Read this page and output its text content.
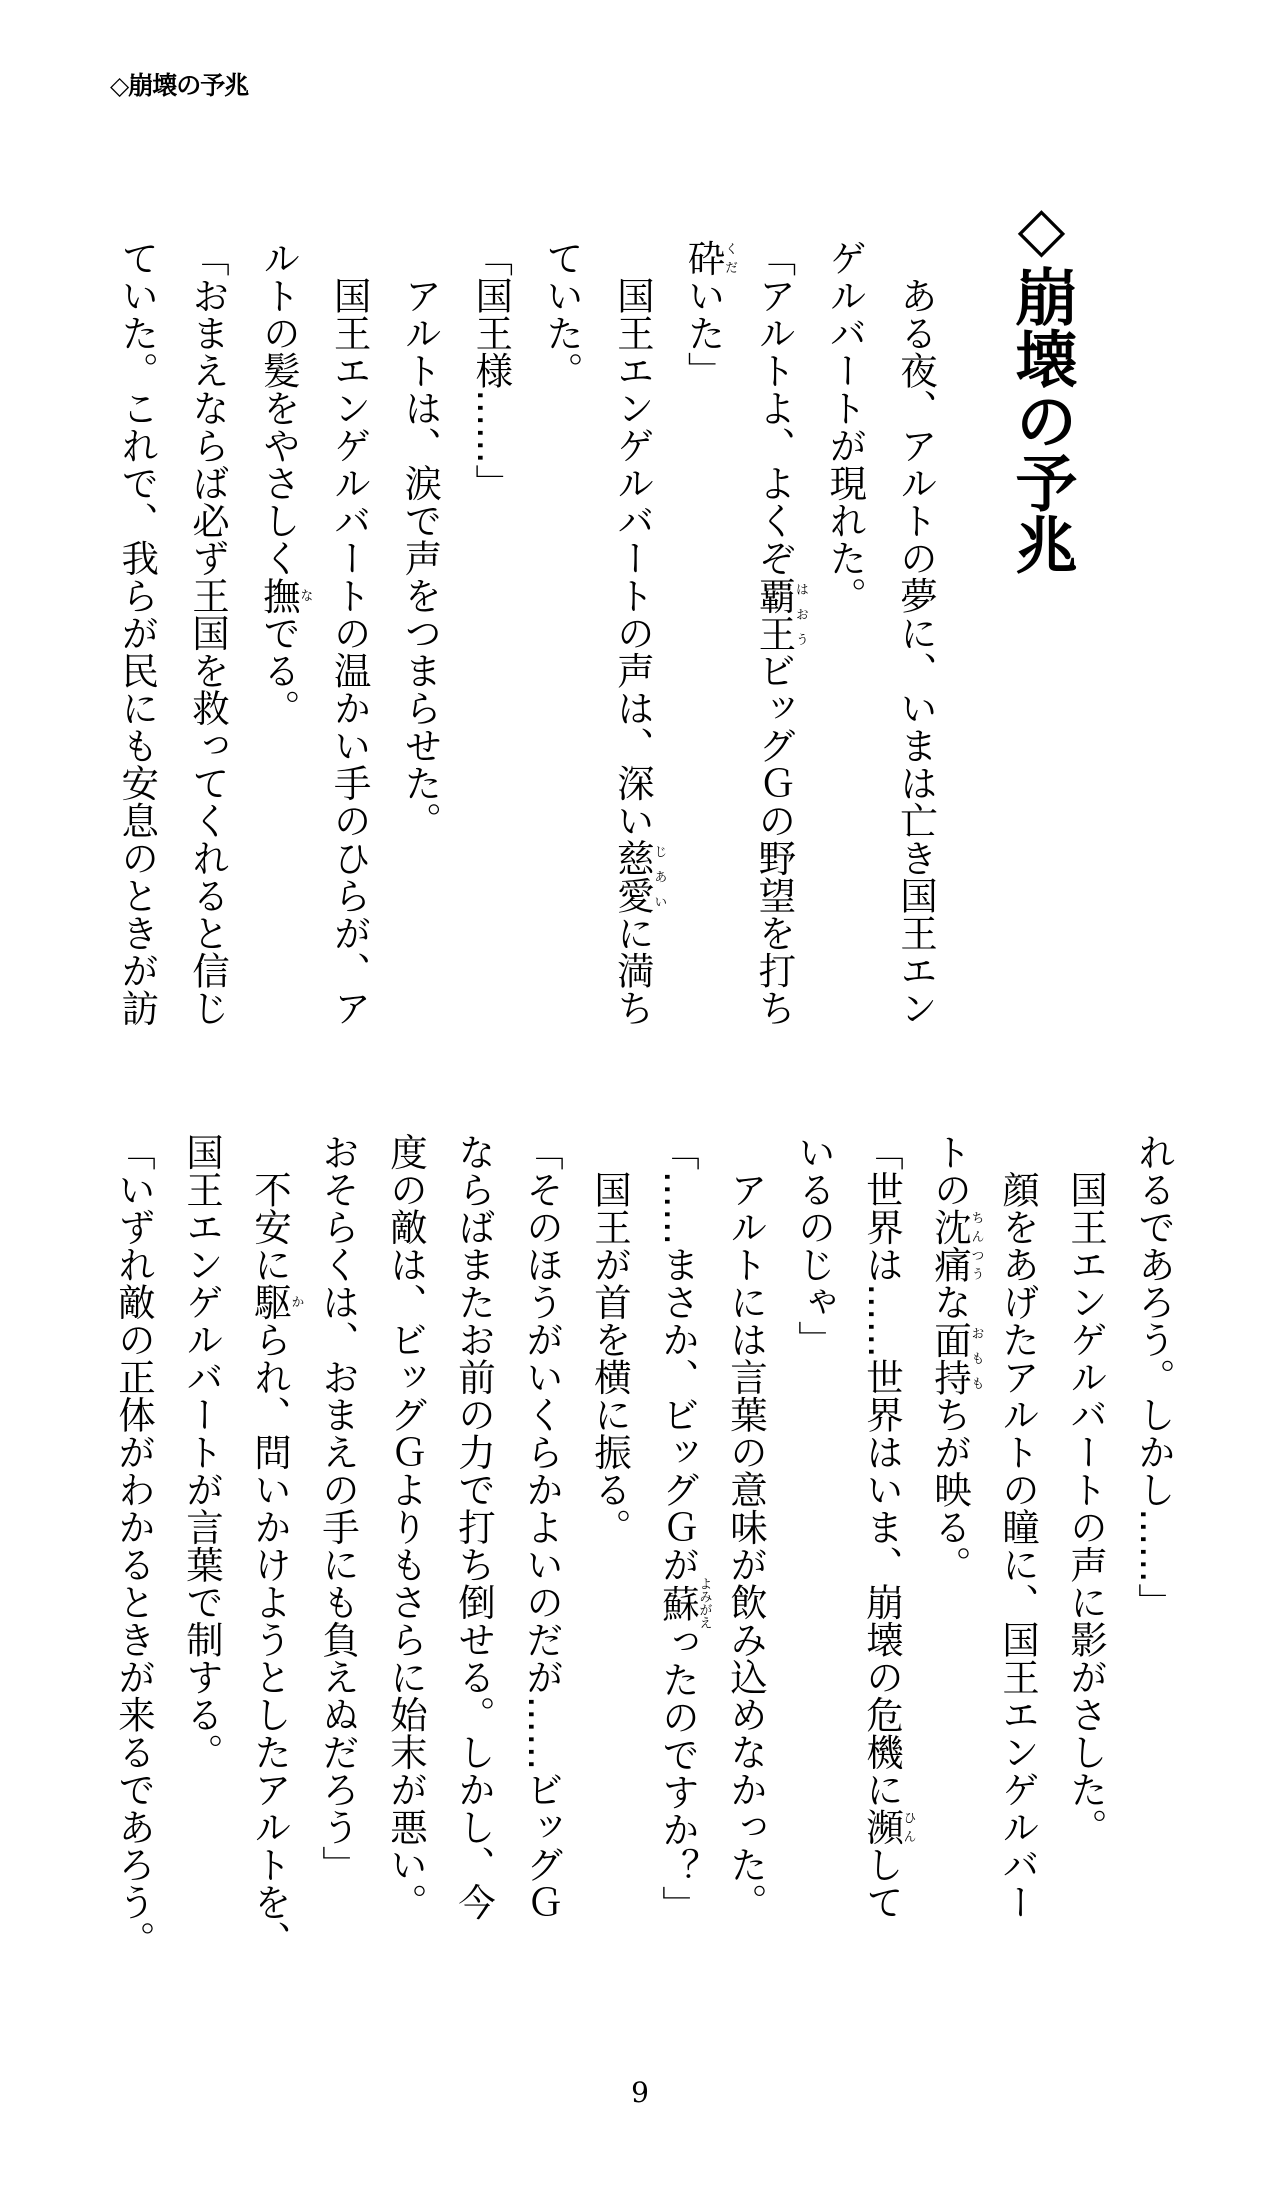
◇崩壊の予兆
◇崩壊の予兆
　ある夜、アルトの夢に、いまは亡き国王エン
ゲルバートが現れた。
「アルトよ、よくぞ覇王はおうビッグＧの野望を打ち
砕くだいた」
　国王エンゲルバートの声は、深い慈愛じあいに満ち
ていた。
「国王様……」
　アルトは、涙で声をつまらせた。
　国王エンゲルバートの温かい手のひらが、ア
ルトの髪をやさしく撫なでる。
「おまえならば必ず王国を救ってくれると信じ
ていた。これで、我らが民にも安息のときが訪
れるであろう。しかし……」
　国王エンゲルバートの声に影がさした。
　顔をあげたアルトの瞳に、国王エンゲルバー
トの沈痛ちんつうな面持おももちが映る。
「世界は……世界はいま、崩壊の危機に瀕ひんして
いるのじゃ」
　アルトには言葉の意味が飲み込めなかった。
「……まさか、ビッグＧが蘇よみがえったのですか？」
　国王が首を横に振る。
「そのほうがいくらかよいのだが……ビッグＧ
ならばまたお前の力で打ち倒せる。しかし、今
度の敵は、ビッグＧよりもさらに始末が悪い。
おそらくは、おまえの手にも負えぬだろう」
　不安に駆かられ、問いかけようとしたアルトを、
国王エンゲルバートが言葉で制する。
「いずれ敵の正体がわかるときが来るであろう。
9
